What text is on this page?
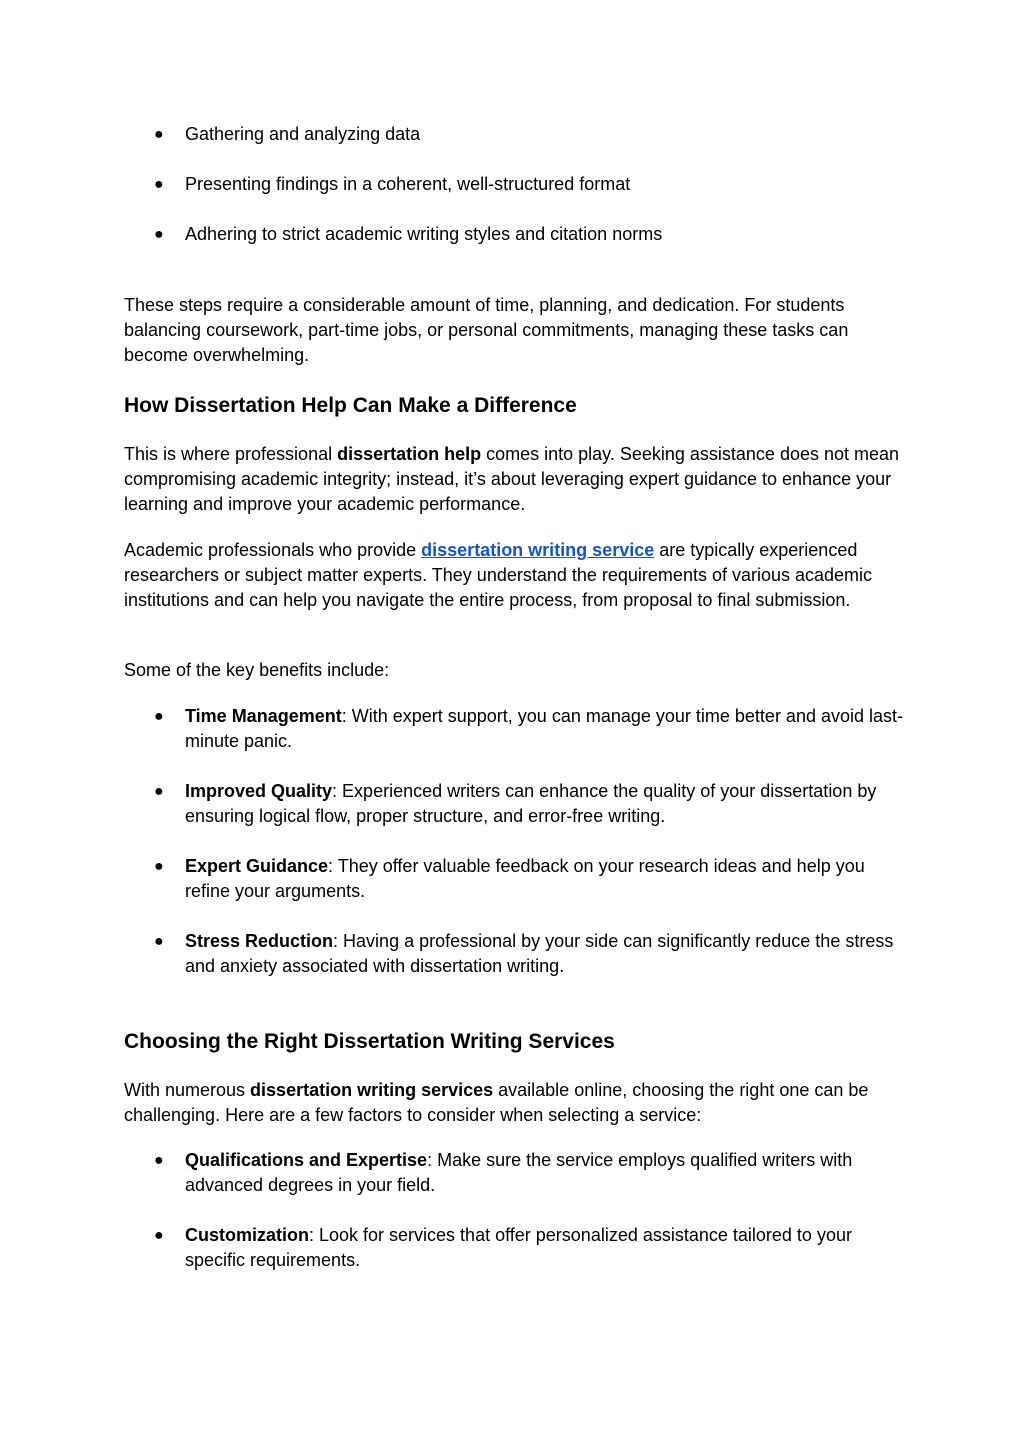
●	Gathering and analyzing data
●	Presenting findings in a coherent, well-structured format
●	Adhering to strict academic writing styles and citation norms

These steps require a considerable amount of time, planning, and dedication. For students balancing coursework, part-time jobs, or personal commitments, managing these tasks can become overwhelming.

How Dissertation Help Can Make a Difference

This is where professional dissertation help comes into play. Seeking assistance does not mean compromising academic integrity; instead, it’s about leveraging expert guidance to enhance your learning and improve your academic performance.

Academic professionals who provide dissertation writing service are typically experienced researchers or subject matter experts. They understand the requirements of various academic institutions and can help you navigate the entire process, from proposal to final submission.

Some of the key benefits include:

●	Time Management: With expert support, you can manage your time better and avoid last-minute panic.
●	Improved Quality: Experienced writers can enhance the quality of your dissertation by ensuring logical flow, proper structure, and error-free writing.
●	Expert Guidance: They offer valuable feedback on your research ideas and help you refine your arguments.
●	Stress Reduction: Having a professional by your side can significantly reduce the stress and anxiety associated with dissertation writing.
Choosing the Right Dissertation Writing Services

With numerous dissertation writing services available online, choosing the right one can be challenging. Here are a few factors to consider when selecting a service:

●	Qualifications and Expertise: Make sure the service employs qualified writers with advanced degrees in your field.
●	Customization: Look for services that offer personalized assistance tailored to your specific requirements.
